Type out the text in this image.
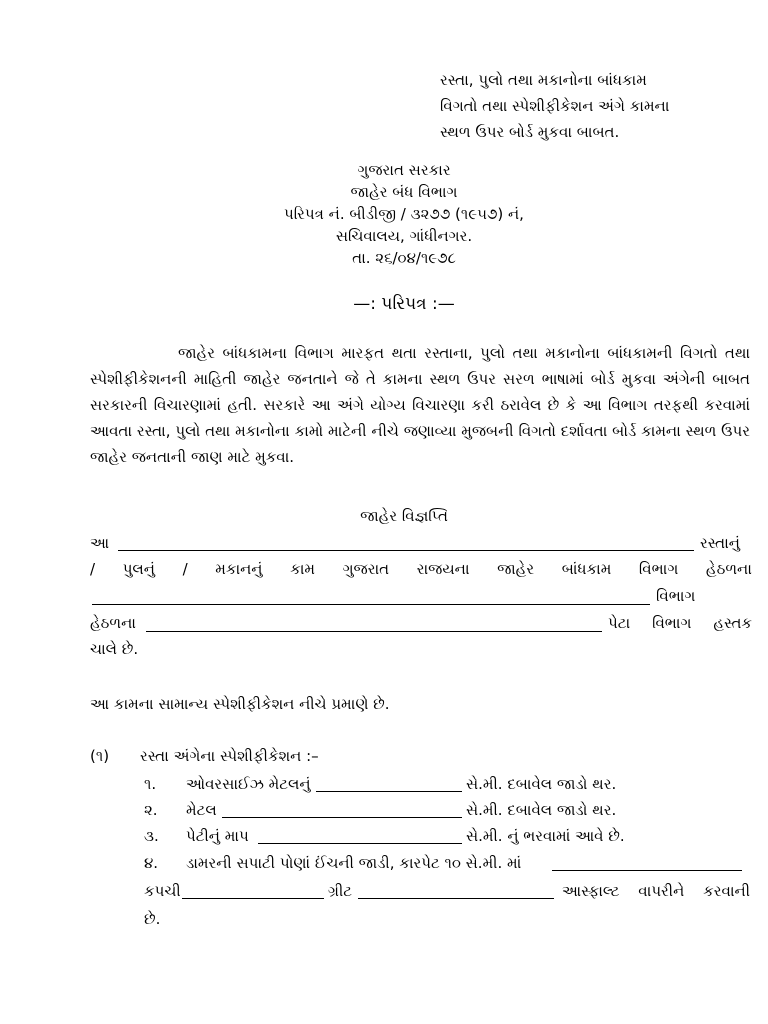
રસ્તા, પુલો તથા મકાનોના બાંધકામ
વિગતો તથા સ્પેશીફીકેશન અંગે કામના
સ્થળ ઉપર બોર્ડ મુકવા બાબત.
ગુજરાત સરકાર
જાહેર બંધ વિભાગ
પરિપત્ર નં. બીડીજી / ૩૨૭૭ (૧૯૫૭) નં,
સચિવાલય, ગાંધીનગર.
તા. ૨૬/૦૪/૧૯૭૮
—: પરિપત્ર :—
જાહેર બાંધકામના વિભાગ મારફત થતા રસ્તાના, પુલો તથા મકાનોના બાંધકામની વિગતો તથા સ્પેશીફીકેશનની માહિતી જાહેર જનતાને જે તે કામના સ્થળ ઉપર સરળ ભાષામાં બોર્ડ મુકવા અંગેની બાબત સરકારની વિચારણામાં હતી. સરકારે આ અંગે યોગ્ય વિચારણા કરી ઠરાવેલ છે કે આ વિભાગ તરફથી કરવામાં આવતા રસ્તા, પુલો તથા મકાનોના કામો માટેની નીચે જણાવ્યા મુજબની વિગતો દર્શાવતા બોર્ડ કામના સ્થળ ઉપર જાહેર જનતાની જાણ માટે મુકવા.
જાહેર વિજ્ઞપ્તિ
આ	રસ્તાનું
/ પુલનું / મકાનનું કામ ગુજરાત રાજયના જાહેર બાંધકામ વિભાગ હેઠળના
વિભાગ
હેઠળના	પેટા વિભાગ હસ્તક
ચાલે છે.
આ કામના સામાન્ય સ્પેશીફીકેશન નીચે પ્રમાણે છે.
(૧) રસ્તા અંગેના સ્પેશીફીકેશન :–
૧. ઓવરસાઈઝ મેટલનું	સે.મી. દબાવેલ જાડો થર.
૨. મેટલ	સે.મી. દબાવેલ જાડો થર.
૩. પેટીનું માપ	સે.મી. નું ભરવામાં આવે છે.
૪. ડામરની સપાટી પોણાં ઈંચની જાડી, કારપેટ ૧૦ સે.મી. માં
કપચી	ગ્રીટ	આસ્ફાલ્ટ વાપરીને કરવાની
છે.
